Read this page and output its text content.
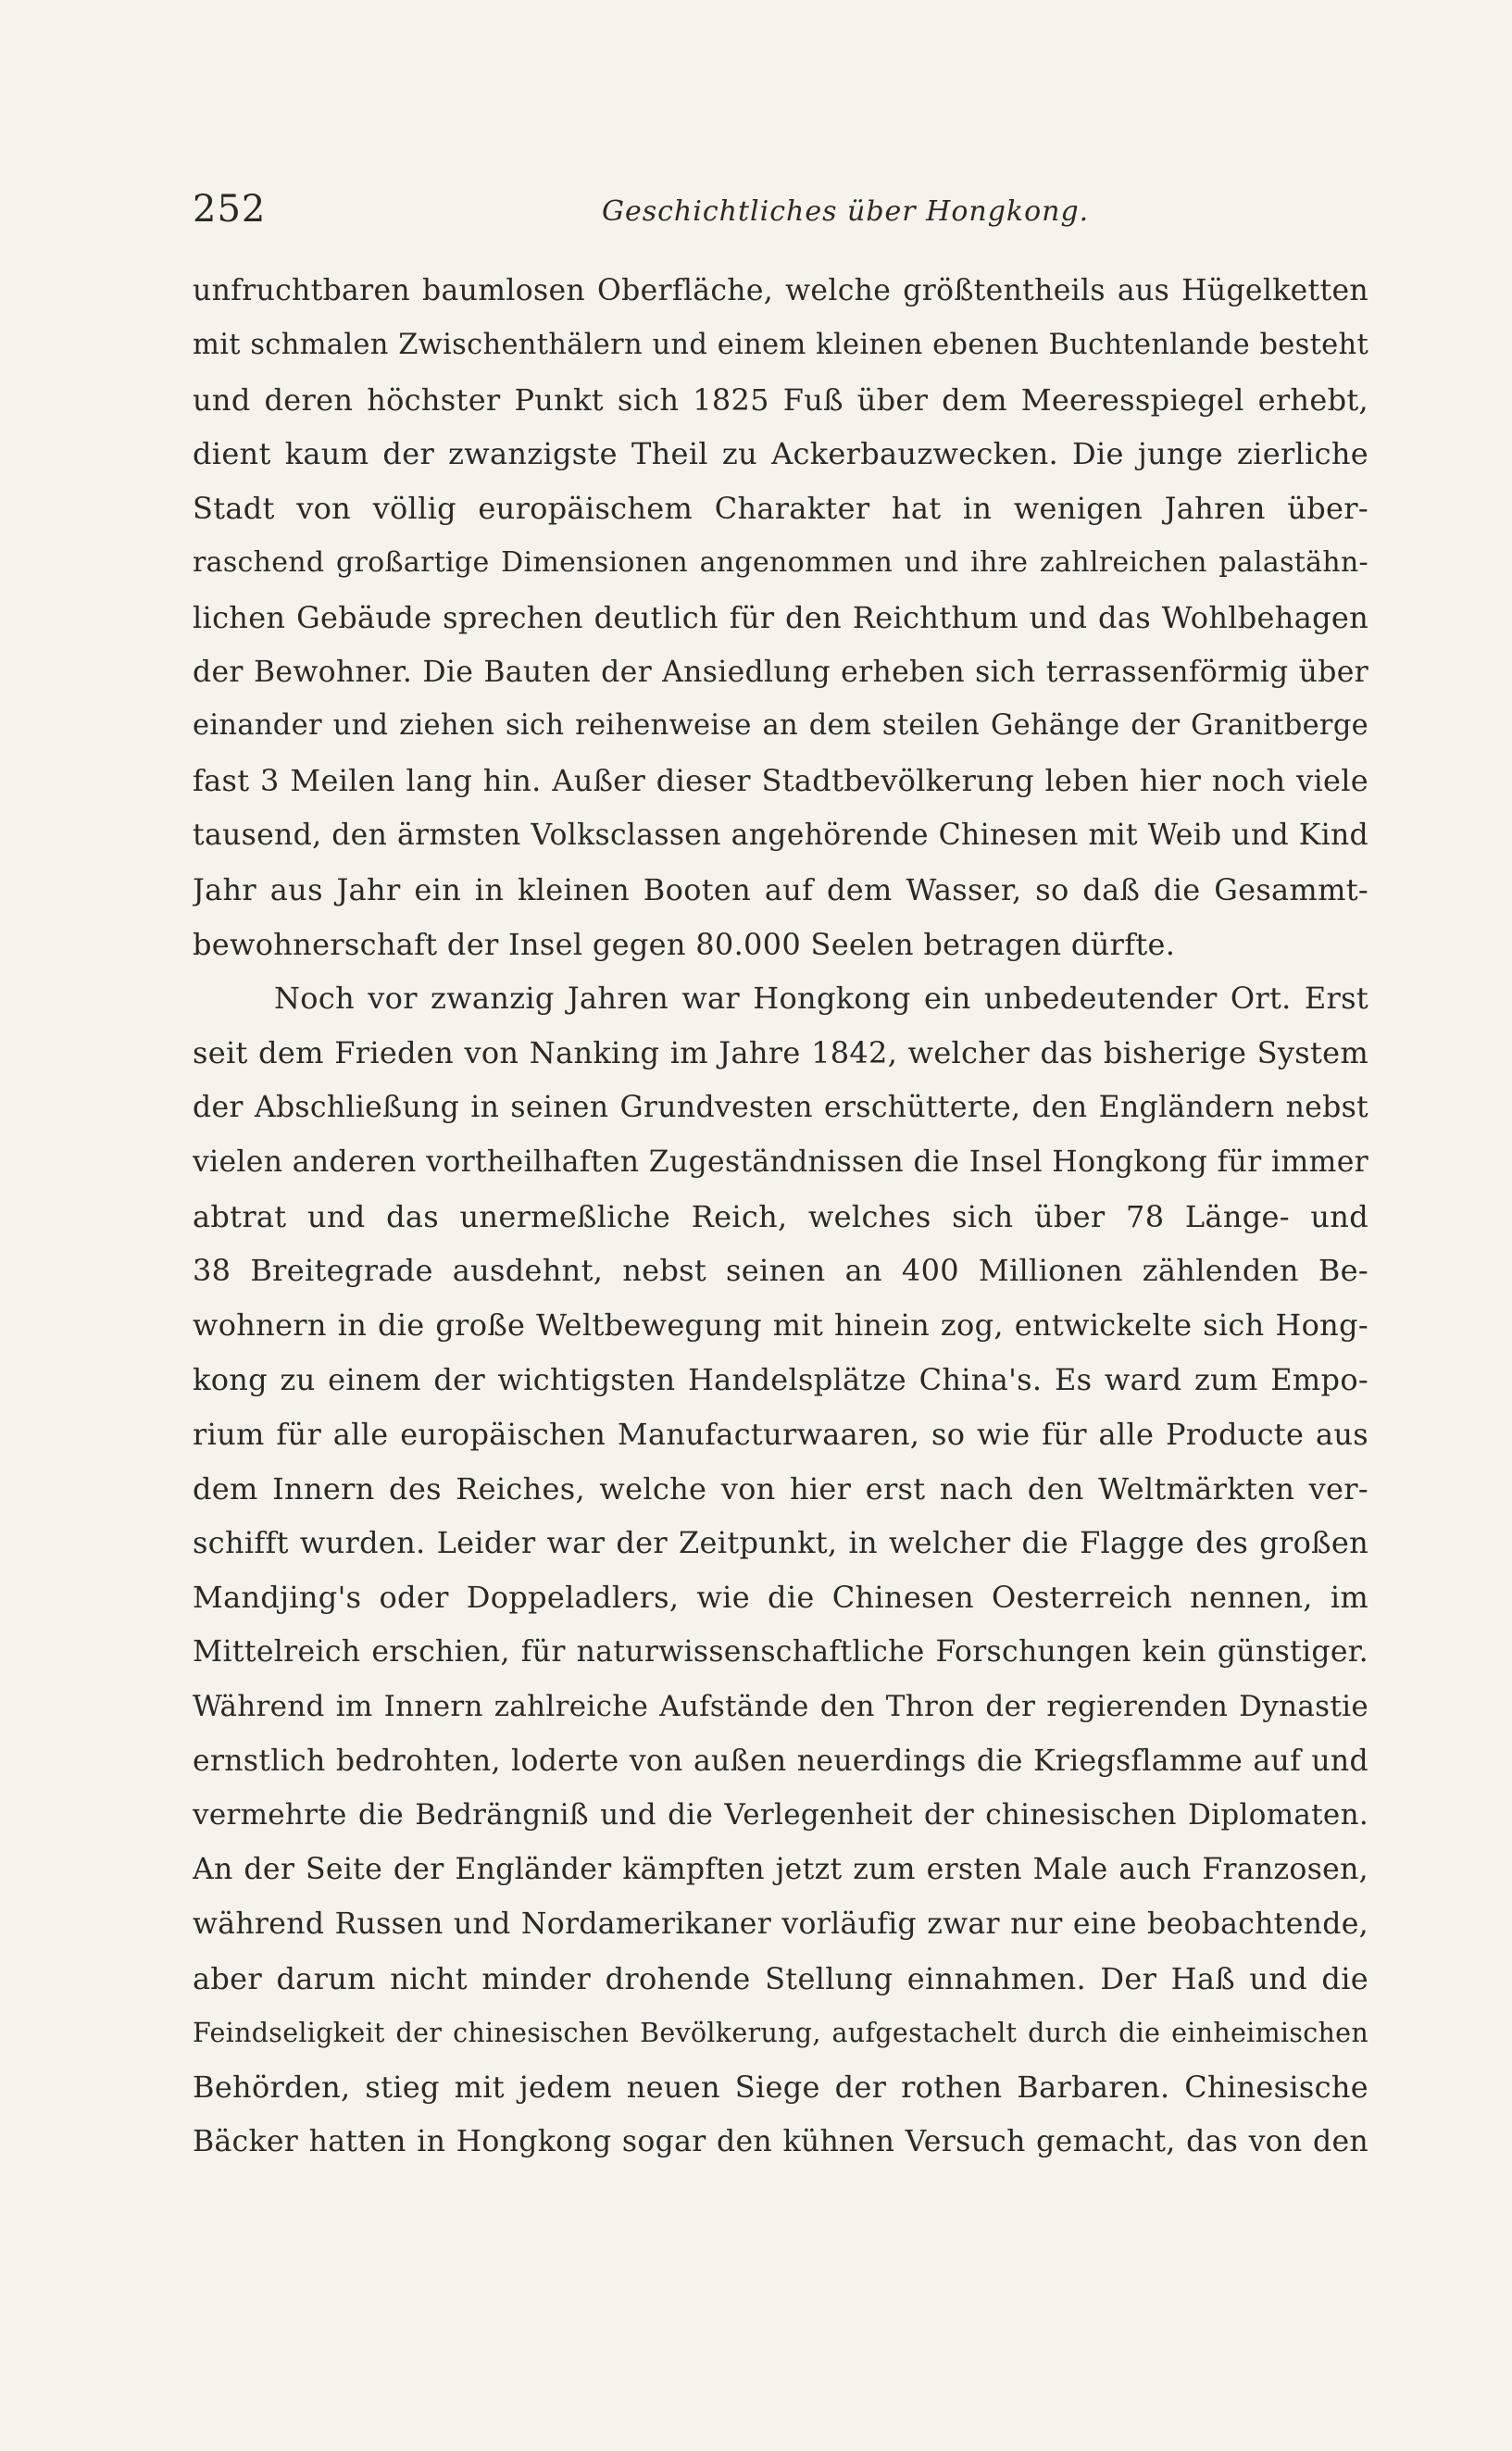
252	Geschichtliches über Hongkong.
unfruchtbaren baumlosen Oberfläche, welche größtentheils aus Hügelketten
mit schmalen Zwischenthälern und einem kleinen ebenen Buchtenlande besteht
und deren höchster Punkt sich 1825 Fuß über dem Meeresspiegel erhebt,
dient kaum der zwanzigste Theil zu Ackerbauzwecken. Die junge zierliche
Stadt von völlig europäischem Charakter hat in wenigen Jahren über-
raschend großartige Dimensionen angenommen und ihre zahlreichen palastähn-
lichen Gebäude sprechen deutlich für den Reichthum und das Wohlbehagen
der Bewohner. Die Bauten der Ansiedlung erheben sich terrassenförmig über
einander und ziehen sich reihenweise an dem steilen Gehänge der Granitberge
fast 3 Meilen lang hin. Außer dieser Stadtbevölkerung leben hier noch viele
tausend, den ärmsten Volksclassen angehörende Chinesen mit Weib und Kind
Jahr aus Jahr ein in kleinen Booten auf dem Wasser, so daß die Gesammt-
bewohnerschaft der Insel gegen 80.000 Seelen betragen dürfte.
Noch vor zwanzig Jahren war Hongkong ein unbedeutender Ort. Erst
seit dem Frieden von Nanking im Jahre 1842, welcher das bisherige System
der Abschließung in seinen Grundvesten erschütterte, den Engländern nebst
vielen anderen vortheilhaften Zugeständnissen die Insel Hongkong für immer
abtrat und das unermeßliche Reich, welches sich über 78 Länge- und
38 Breitegrade ausdehnt, nebst seinen an 400 Millionen zählenden Be-
wohnern in die große Weltbewegung mit hinein zog, entwickelte sich Hong-
kong zu einem der wichtigsten Handelsplätze China's. Es ward zum Empo-
rium für alle europäischen Manufacturwaaren, so wie für alle Producte aus
dem Innern des Reiches, welche von hier erst nach den Weltmärkten ver-
schifft wurden. Leider war der Zeitpunkt, in welcher die Flagge des großen
Mandjing's oder Doppeladlers, wie die Chinesen Oesterreich nennen, im
Mittelreich erschien, für naturwissenschaftliche Forschungen kein günstiger.
Während im Innern zahlreiche Aufstände den Thron der regierenden Dynastie
ernstlich bedrohten, loderte von außen neuerdings die Kriegsflamme auf und
vermehrte die Bedrängniß und die Verlegenheit der chinesischen Diplomaten.
An der Seite der Engländer kämpften jetzt zum ersten Male auch Franzosen,
während Russen und Nordamerikaner vorläufig zwar nur eine beobachtende,
aber darum nicht minder drohende Stellung einnahmen. Der Haß und die
Feindseligkeit der chinesischen Bevölkerung, aufgestachelt durch die einheimischen
Behörden, stieg mit jedem neuen Siege der rothen Barbaren. Chinesische
Bäcker hatten in Hongkong sogar den kühnen Versuch gemacht, das von den
